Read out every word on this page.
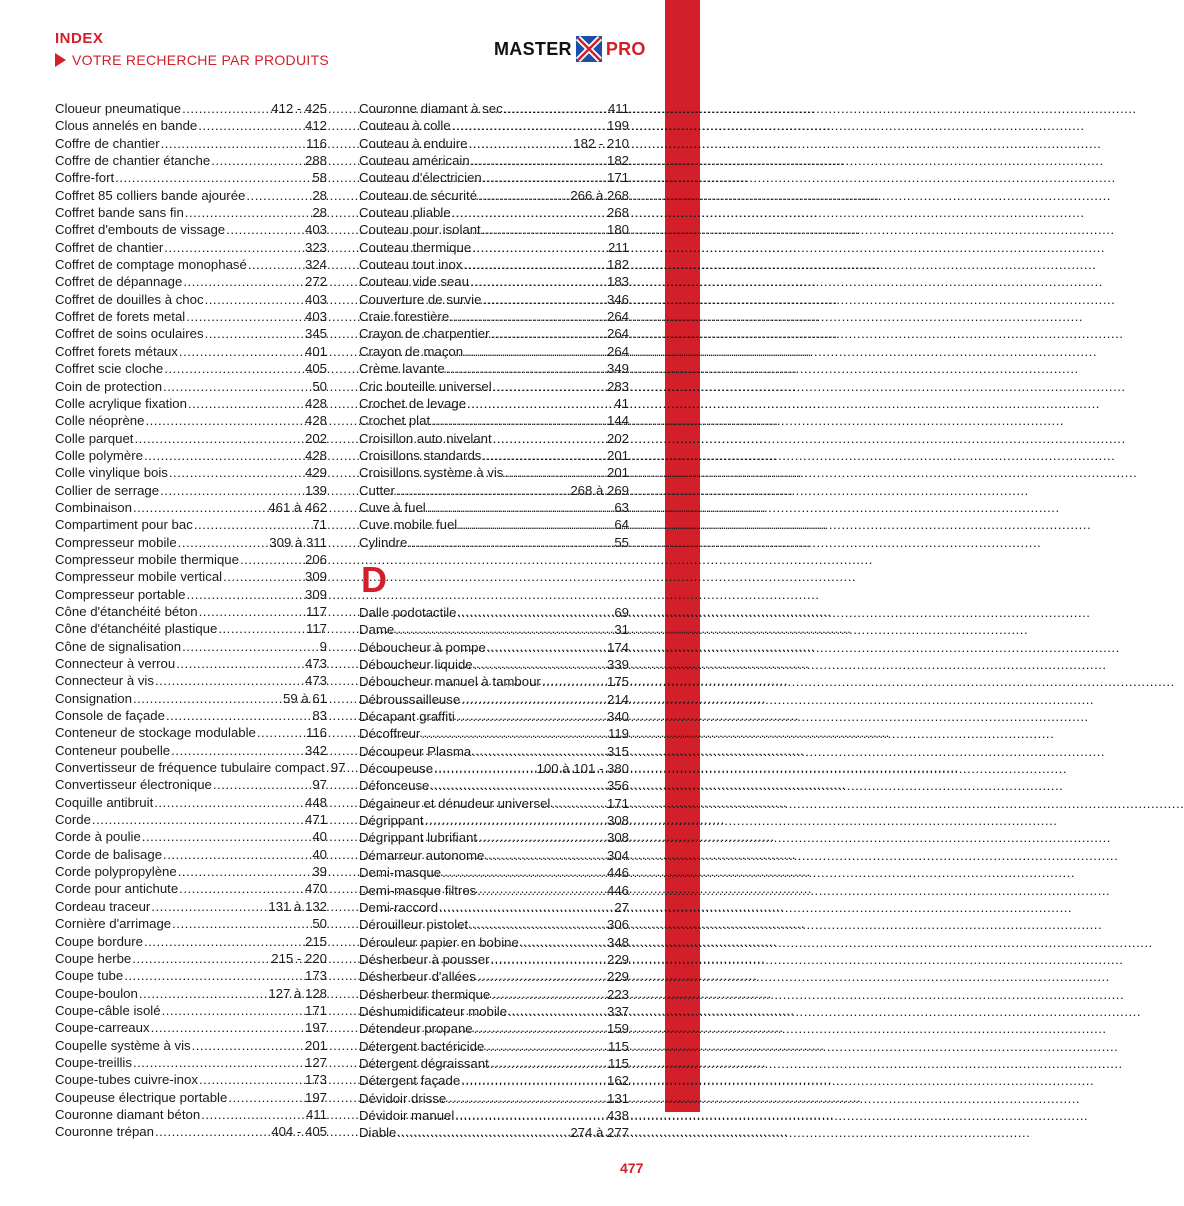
INDEX
VOTRE RECHERCHE PAR PRODUITS
MASTER PRO
Cloueur pneumatique .....	412 - 425
Clous annelés en bande .....	412
Coffre de chantier .....	116
Coffre de chantier étanche .....	288
Coffre-fort .....	58
Coffret 85 colliers bande ajourée .....	28
Coffret bande sans fin .....	28
Coffret d'embouts de vissage .....	403
Coffret de chantier .....	323
Coffret de comptage monophasé .....	324
Coffret de dépannage .....	272
Coffret de douilles à choc .....	403
Coffret de forets metal .....	403
Coffret de soins oculaires .....	345
Coffret forets métaux .....	401
Coffret scie cloche .....	405
Coin de protection .....	50
Colle acrylique fixation .....	428
Colle néoprène .....	428
Colle parquet .....	202
Colle polymère .....	428
Colle vinylique bois .....	429
Collier de serrage .....	139
Combinaison .....	461 à 462
Compartiment pour bac .....	71
Compresseur mobile .....	309 à 311
Compresseur mobile thermique .....	206
Compresseur mobile vertical .....	309
Compresseur portable .....	309
Cône d'étanchéité béton .....	117
Cône d'étanchéité plastique .....	117
Cône de signalisation .....	9
Connecteur à verrou .....	473
Connecteur à vis .....	473
Consignation .....	59 à 61
Console de façade .....	83
Conteneur de stockage modulable .....	116
Conteneur poubelle .....	342
Convertisseur de fréquence tubulaire compact ..... 97
Convertisseur électronique .....	97
Coquille antibruit .....	448
Corde .....	471
Corde à poulie .....	40
Corde de balisage .....	40
Corde polypropylène .....	39
Corde pour antichute .....	470
Cordeau traceur .....	131 à 132
Cornière d'arrimage .....	50
Coupe bordure .....	215
Coupe herbe .....	215 - 220
Coupe tube .....	173
Coupe-boulon .....	127 à 128
Coupe-câble isolé .....	171
Coupe-carreaux .....	197
Coupelle système à vis .....	201
Coupe-treillis .....	127
Coupe-tubes cuivre-inox .....	173
Coupeuse électrique portable .....	197
Couronne diamant béton .....	411
Couronne trépan .....	404 - 405
Couronne diamant à sec .....	411
Couteau à colle .....	199
Couteau à enduire .....	182 - 210
Couteau américain .....	182
Couteau d'électricien .....	171
Couteau de sécurité .....	266 à 268
Couteau pliable .....	268
Couteau pour isolant .....	180
Couteau thermique .....	211
Couteau tout inox .....	182
Couteau vide seau .....	183
Couverture de survie .....	346
Craie forestière .....	264
Crayon de charpentier .....	264
Crayon de maçon .....	264
Crème lavante .....	349
Cric bouteille universel .....	283
Crochet de levage .....	41
Crochet plat .....	144
Croisillon auto nivelant .....	202
Croisillons standards .....	201
Croisillons système à vis .....	201
Cutter .....	268 à 269
Cuve à fuel .....	63
Cuve mobile fuel .....	64
Cylindre .....	55
D
Dalle podotactile .....	69
Dame .....	31
Déboucheur à pompe .....	174
Déboucheur liquide .....	339
Déboucheur manuel à tambour .....	175
Débroussailleuse .....	214
Décapant graffiti .....	340
Décoffreur .....	119
Découpeur Plasma .....	315
Découpeuse .....	100 à 101 - 380
Défonceuse .....	356
Dégaineur et dénudeur universel .....	171
Dégrippant .....	308
Dégrippant lubrifiant .....	308
Démarreur autonome .....	304
Demi-masque .....	446
Demi-masque filtres .....	446
Demi-raccord .....	27
Dérouilleur pistolet .....	306
Dérouleur papier en bobine .....	348
Désherbeur à pousser .....	229
Désherbeur d'allées .....	229
Désherbeur thermique .....	223
Déshumidificateur mobile .....	337
Détendeur propane .....	159
Détergent bactéricide .....	115
Détergent dégraissant .....	115
Détergent façade .....	162
Dévidoir drisse .....	131
Dévidoir manuel .....	438
Diable .....	274 à 277
477
